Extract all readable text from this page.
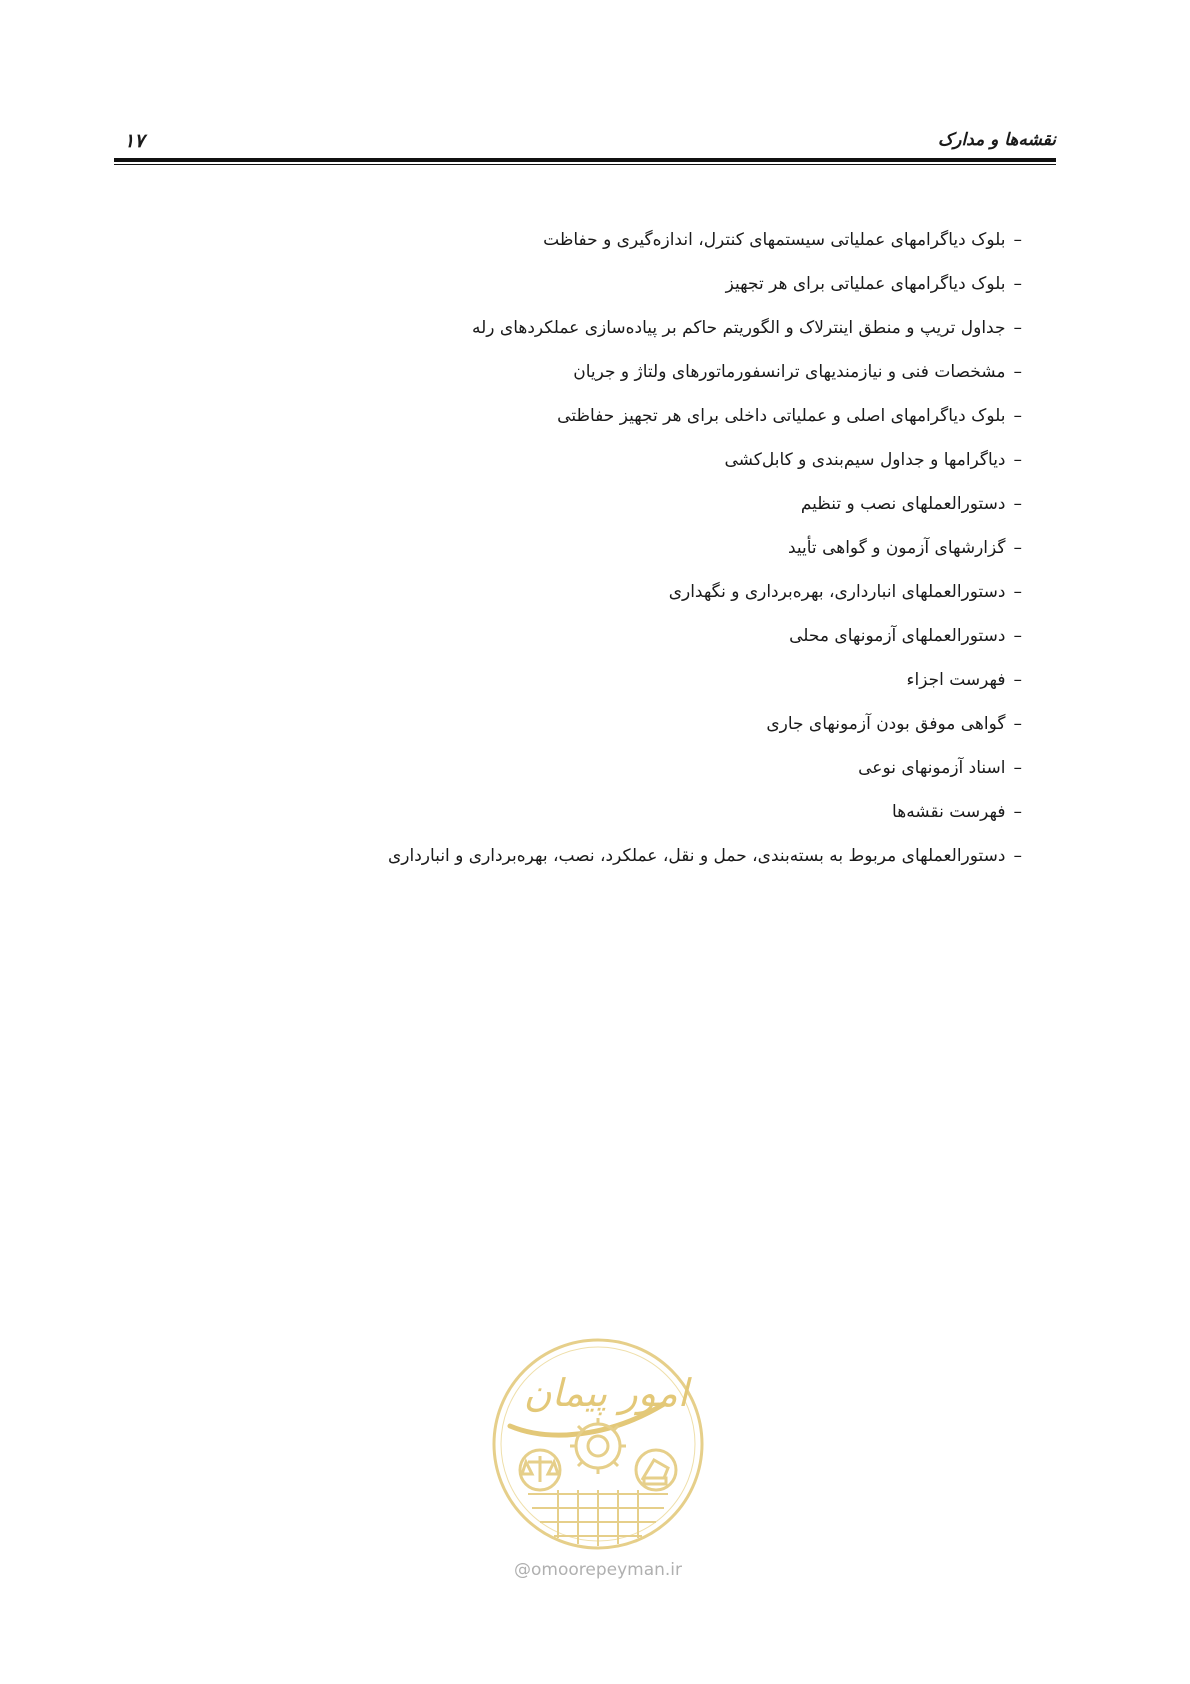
۱۷	نقشه‌ها و مدارک
–بلوک دیاگرامهای عملیاتی سیستمهای کنترل، اندازه‌گیری و حفاظت
–بلوک دیاگرامهای عملیاتی برای هر تجهیز
–جداول تریپ و منطق اینترلاک و الگوریتم حاکم بر پیاده‌سازی عملکردهای رله
–مشخصات فنی و نیازمندیهای ترانسفورماتورهای ولتاژ و جریان
–بلوک دیاگرامهای اصلی و عملیاتی داخلی برای هر تجهیز حفاظتی
–دیاگرامها و جداول سیم‌بندی و کابل‌کشی
–دستورالعملهای نصب و تنظیم
–گزارشهای آزمون و گواهی تأیید
–دستورالعملهای انبارداری، بهره‌برداری و نگهداری
–دستورالعملهای آزمونهای محلی
–فهرست اجزاء
–گواهی موفق بودن آزمونهای جاری
–اسناد آزمونهای نوعی
–فهرست نقشه‌ها
–دستورالعملهای مربوط به بسته‌بندی، حمل و نقل، عملکرد، نصب، بهره‌برداری و انبارداری
امور پیمان
@omoorepeyman.ir
